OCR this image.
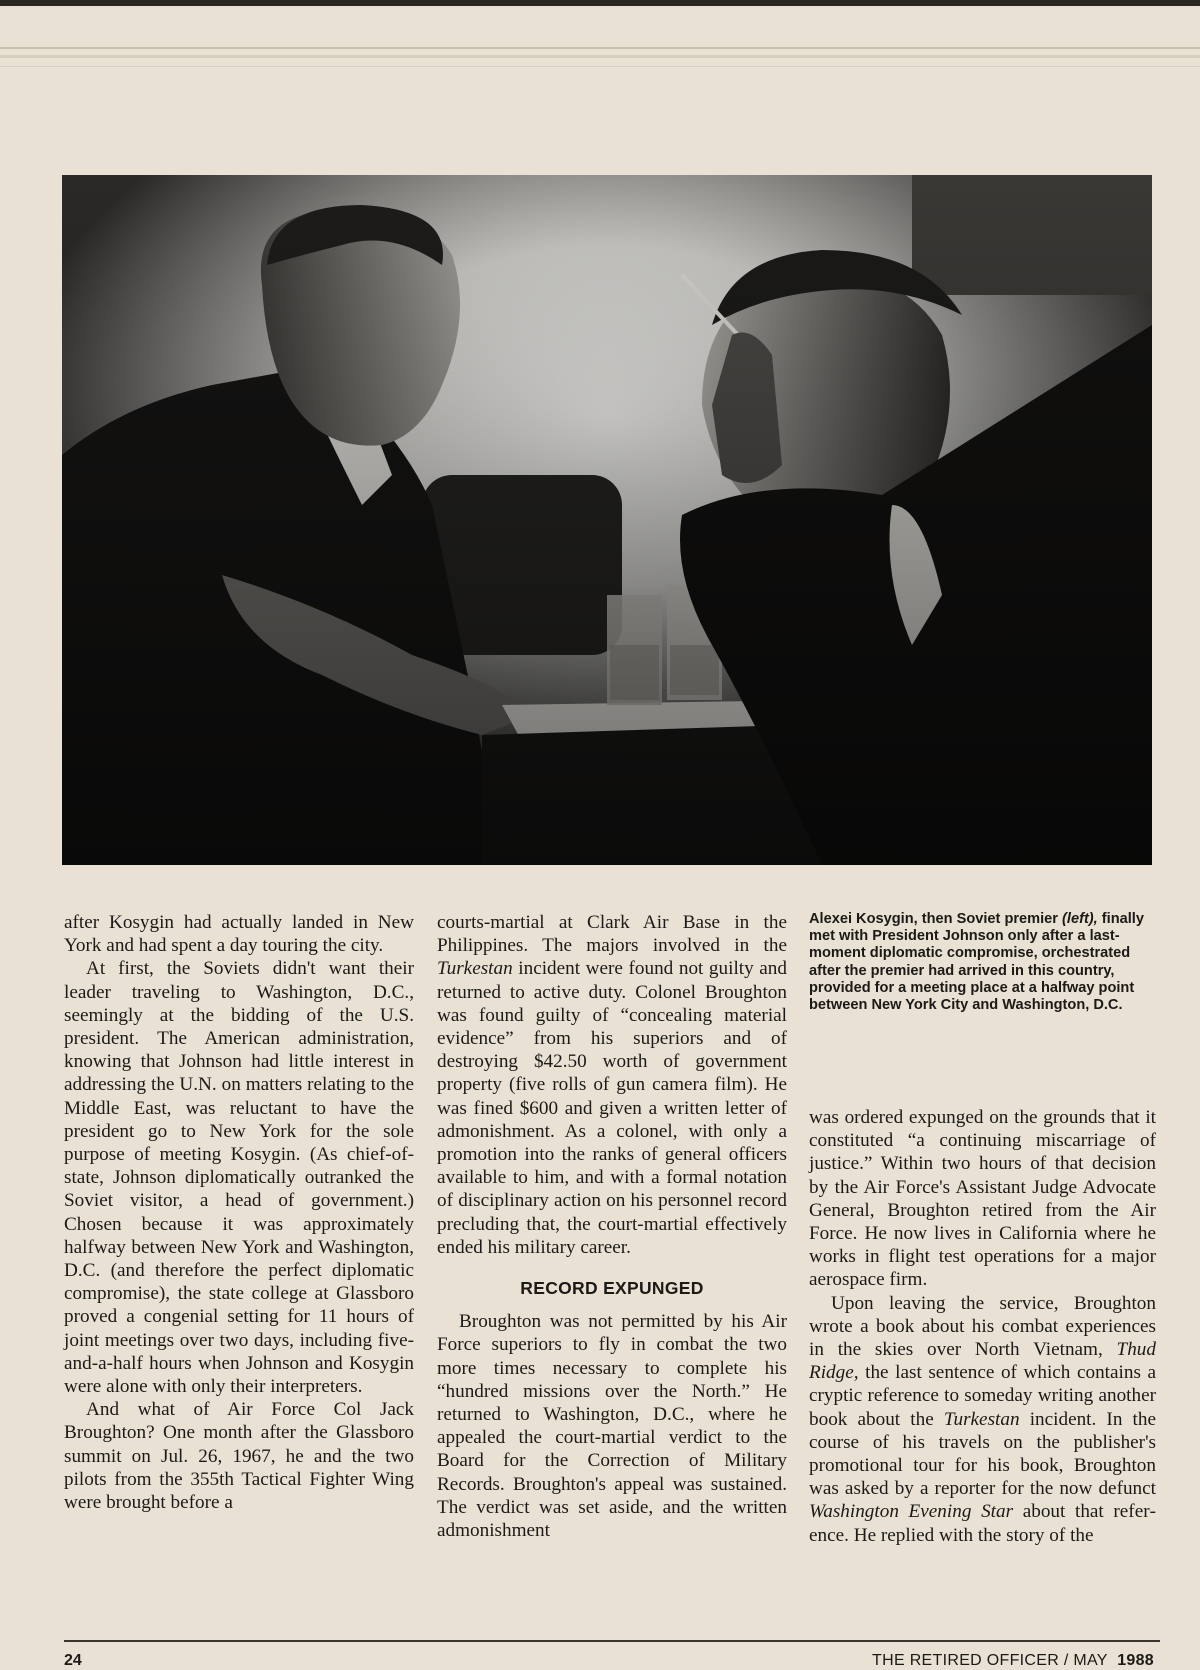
after Kosygin had actually landed in New York and had spent a day touring the city.

At first, the Soviets didn't want their leader traveling to Washington, D.C., seemingly at the bidding of the U.S. president. The American administration, knowing that Johnson had little interest in addressing the U.N. on matters relating to the Middle East, was reluctant to have the president go to New York for the sole purpose of meeting Kosygin. (As chief-of-state, Johnson diplomatically outranked the Soviet visitor, a head of government.) Chosen because it was approximately halfway between New York and Washington, D.C. (and therefore the perfect diplomatic compromise), the state college at Glassboro proved a congenial setting for 11 hours of joint meetings over two days, including five-and-a-half hours when Johnson and Kosygin were alone with only their interpreters.

And what of Air Force Col Jack Broughton? One month after the Glassboro summit on Jul. 26, 1967, he and the two pilots from the 355th Tactical Fighter Wing were brought before a

courts-martial at Clark Air Base in the Philippines. The majors involved in the Turkestan incident were found not guilty and returned to active duty. Colonel Broughton was found guilty of “concealing material evidence” from his superiors and of destroying $42.50 worth of government property (five rolls of gun camera film). He was fined $600 and given a written letter of admonishment. As a colonel, with only a promotion into the ranks of general officers available to him, and with a formal notation of disciplinary action on his personnel record precluding that, the court-martial effectively ended his military career.

RECORD EXPUNGED

Broughton was not permitted by his Air Force superiors to fly in combat the two more times necessary to complete his “hundred missions over the North.” He returned to Washington, D.C., where he appealed the court-martial verdict to the Board for the Correction of Military Records. Broughton's appeal was sustained. The verdict was set aside, and the written admonishment

Alexei Kosygin, then Soviet premier (left), finally met with President Johnson only after a last-moment diplomatic compromise, orchestrated after the premier had arrived in this country, provided for a meeting place at a halfway point between New York City and Washington, D.C.

was ordered expunged on the grounds that it constituted “a continuing miscarriage of justice.” Within two hours of that decision by the Air Force's Assistant Judge Advocate General, Broughton retired from the Air Force. He now lives in California where he works in flight test operations for a major aerospace firm.

Upon leaving the service, Broughton wrote a book about his combat experiences in the skies over North Vietnam, Thud Ridge, the last sentence of which contains a cryptic reference to someday writing another book about the Turkestan incident. In the course of his travels on the publisher's promotional tour for his book, Broughton was asked by a reporter for the now defunct Washington Evening Star about that reference. He replied with the story of the

24	THE RETIRED OFFICER / MAY 1988
